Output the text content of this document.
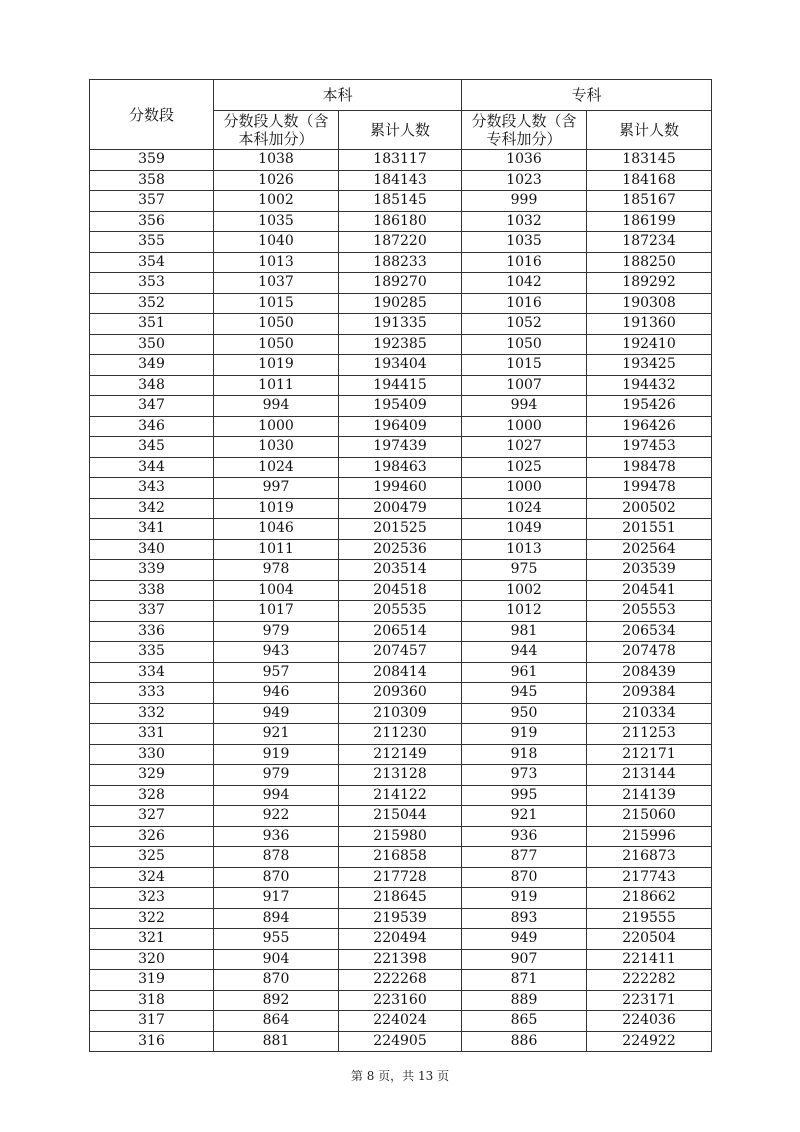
分数段	本科		专科	
	分数段人数（含本科加分）	累计人数	分数段人数（含专科加分）	累计人数
359	1038	183117	1036	183145
358	1026	184143	1023	184168
357	1002	185145	999	185167
356	1035	186180	1032	186199
355	1040	187220	1035	187234
354	1013	188233	1016	188250
353	1037	189270	1042	189292
352	1015	190285	1016	190308
351	1050	191335	1052	191360
350	1050	192385	1050	192410
349	1019	193404	1015	193425
348	1011	194415	1007	194432
347	994	195409	994	195426
346	1000	196409	1000	196426
345	1030	197439	1027	197453
344	1024	198463	1025	198478
343	997	199460	1000	199478
342	1019	200479	1024	200502
341	1046	201525	1049	201551
340	1011	202536	1013	202564
339	978	203514	975	203539
338	1004	204518	1002	204541
337	1017	205535	1012	205553
336	979	206514	981	206534
335	943	207457	944	207478
334	957	208414	961	208439
333	946	209360	945	209384
332	949	210309	950	210334
331	921	211230	919	211253
330	919	212149	918	212171
329	979	213128	973	213144
328	994	214122	995	214139
327	922	215044	921	215060
326	936	215980	936	215996
325	878	216858	877	216873
324	870	217728	870	217743
323	917	218645	919	218662
322	894	219539	893	219555
321	955	220494	949	220504
320	904	221398	907	221411
319	870	222268	871	222282
318	892	223160	889	223171
317	864	224024	865	224036
316	881	224905	886	224922
第 8 页，共 13 页
